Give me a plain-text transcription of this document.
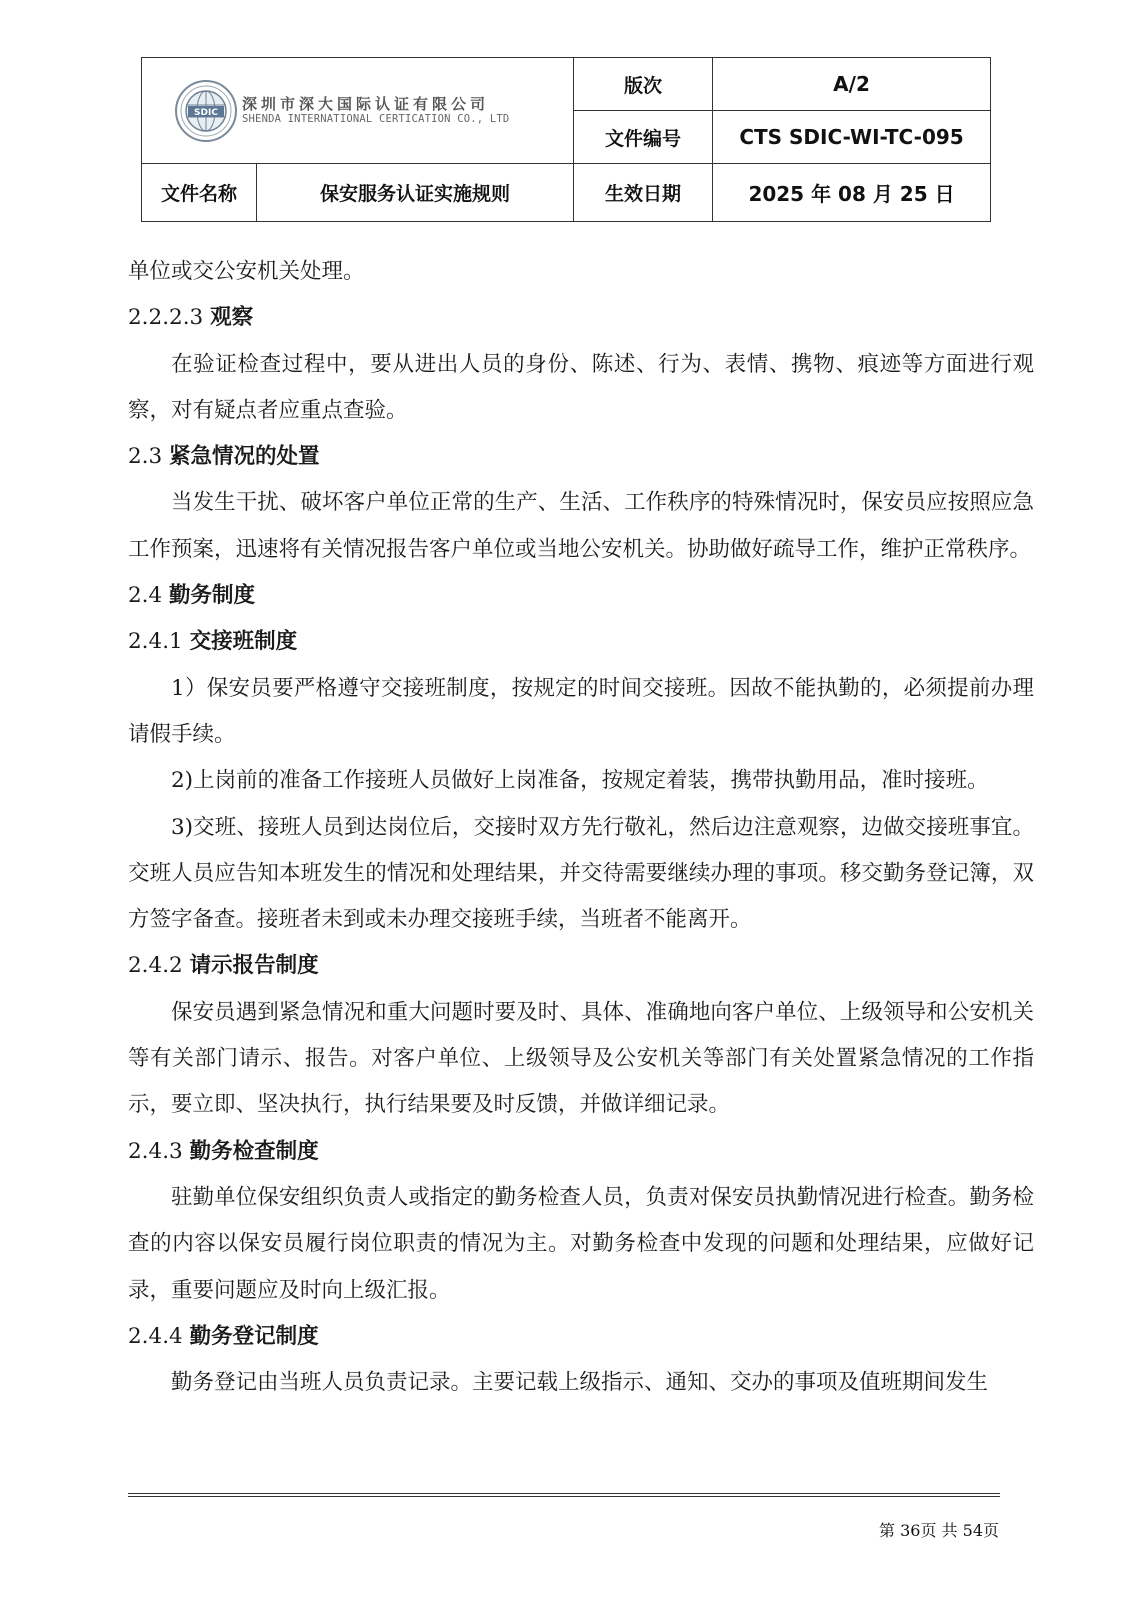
SDIC 深圳市深大国际认证有限公司
SHENDA INTERNATIONAL CERTICATION CO., LTD		版次	A/2
		文件编号	CTS SDIC-WI-TC-095
文件名称	保安服务认证实施规则	生效日期	2025 年 08 月 25 日

单位或交公安机关处理。

2.2.2.3 观察

在验证检查过程中，要从进出人员的身份、陈述、行为、表情、携物、痕迹等方面进行观察，对有疑点者应重点查验。

2.3 紧急情况的处置

当发生干扰、破坏客户单位正常的生产、生活、工作秩序的特殊情况时，保安员应按照应急工作预案，迅速将有关情况报告客户单位或当地公安机关。协助做好疏导工作，维护正常秩序。

2.4 勤务制度

2.4.1 交接班制度

1）保安员要严格遵守交接班制度，按规定的时间交接班。因故不能执勤的，必须提前办理请假手续。

2)上岗前的准备工作接班人员做好上岗准备，按规定着装，携带执勤用品，准时接班。

3)交班、接班人员到达岗位后，交接时双方先行敬礼，然后边注意观察，边做交接班事宜。交班人员应告知本班发生的情况和处理结果，并交待需要继续办理的事项。移交勤务登记簿，双方签字备查。接班者未到或未办理交接班手续，当班者不能离开。

2.4.2 请示报告制度

保安员遇到紧急情况和重大问题时要及时、具体、准确地向客户单位、上级领导和公安机关等有关部门请示、报告。对客户单位、上级领导及公安机关等部门有关处置紧急情况的工作指示，要立即、坚决执行，执行结果要及时反馈，并做详细记录。

2.4.3 勤务检查制度

驻勤单位保安组织负责人或指定的勤务检查人员，负责对保安员执勤情况进行检查。勤务检查的内容以保安员履行岗位职责的情况为主。对勤务检查中发现的问题和处理结果，应做好记录，重要问题应及时向上级汇报。

2.4.4 勤务登记制度

勤务登记由当班人员负责记录。主要记载上级指示、通知、交办的事项及值班期间发生

第 36页 共 54页
